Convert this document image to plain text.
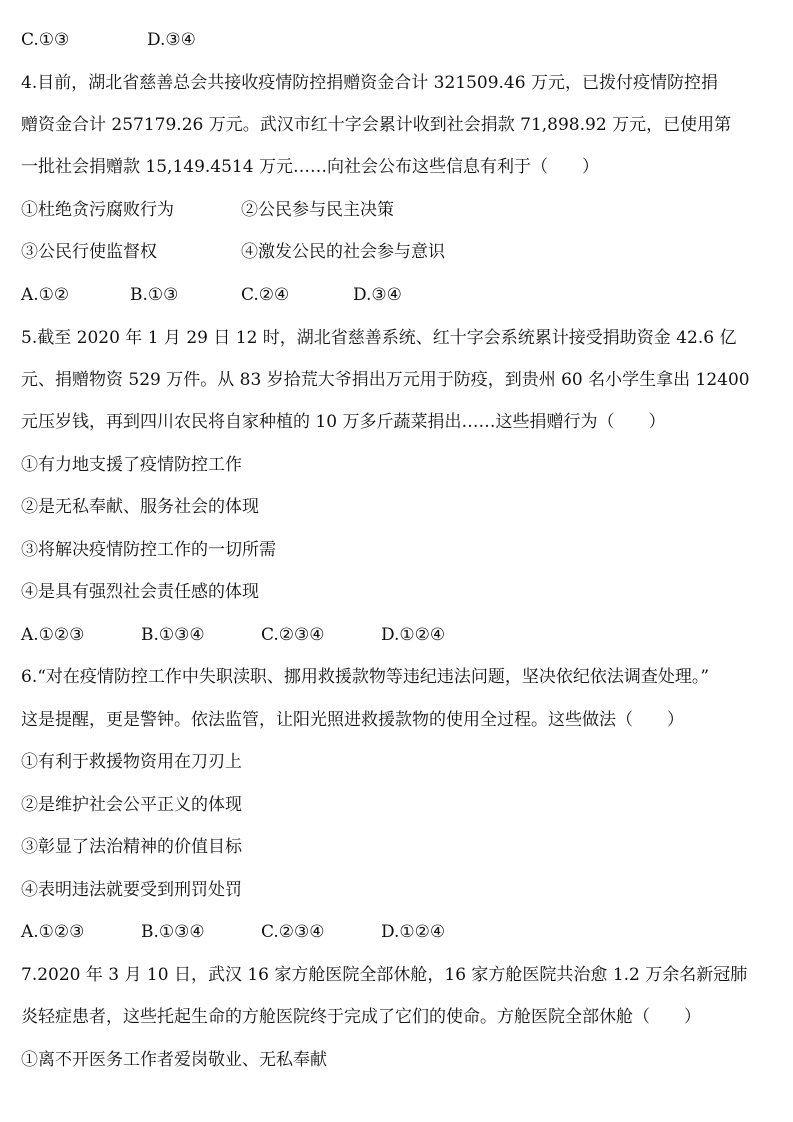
C.①③	D.③④
4.目前，湖北省慈善总会共接收疫情防控捐赠资金合计 321509.46 万元，已拨付疫情防控捐
赠资金合计 257179.26 万元。武汉市红十字会累计收到社会捐款 71,898.92 万元，已使用第
一批社会捐赠款 15,149.4514 万元……向社会公布这些信息有利于（　　）
①杜绝贪污腐败行为	②公民参与民主决策
③公民行使监督权	④激发公民的社会参与意识
A.①②	B.①③	C.②④	D.③④
5.截至 2020 年 1 月 29 日 12 时，湖北省慈善系统、红十字会系统累计接受捐助资金 42.6 亿
元、捐赠物资 529 万件。从 83 岁拾荒大爷捐出万元用于防疫，到贵州 60 名小学生拿出 12400
元压岁钱，再到四川农民将自家种植的 10 万多斤蔬菜捐出……这些捐赠行为（　　）
①有力地支援了疫情防控工作
②是无私奉献、服务社会的体现
③将解决疫情防控工作的一切所需
④是具有强烈社会责任感的体现
A.①②③	B.①③④	C.②③④	D.①②④
6.“对在疫情防控工作中失职渎职、挪用救援款物等违纪违法问题，坚决依纪依法调查处理。”
这是提醒，更是警钟。依法监管，让阳光照进救援款物的使用全过程。这些做法（　　）
①有利于救援物资用在刀刃上
②是维护社会公平正义的体现
③彰显了法治精神的价值目标
④表明违法就要受到刑罚处罚
A.①②③	B.①③④	C.②③④	D.①②④
7.2020 年 3 月 10 日，武汉 16 家方舱医院全部休舱，16 家方舱医院共治愈 1.2 万余名新冠肺
炎轻症患者，这些托起生命的方舱医院终于完成了它们的使命。方舱医院全部休舱（　　）
①离不开医务工作者爱岗敬业、无私奉献
